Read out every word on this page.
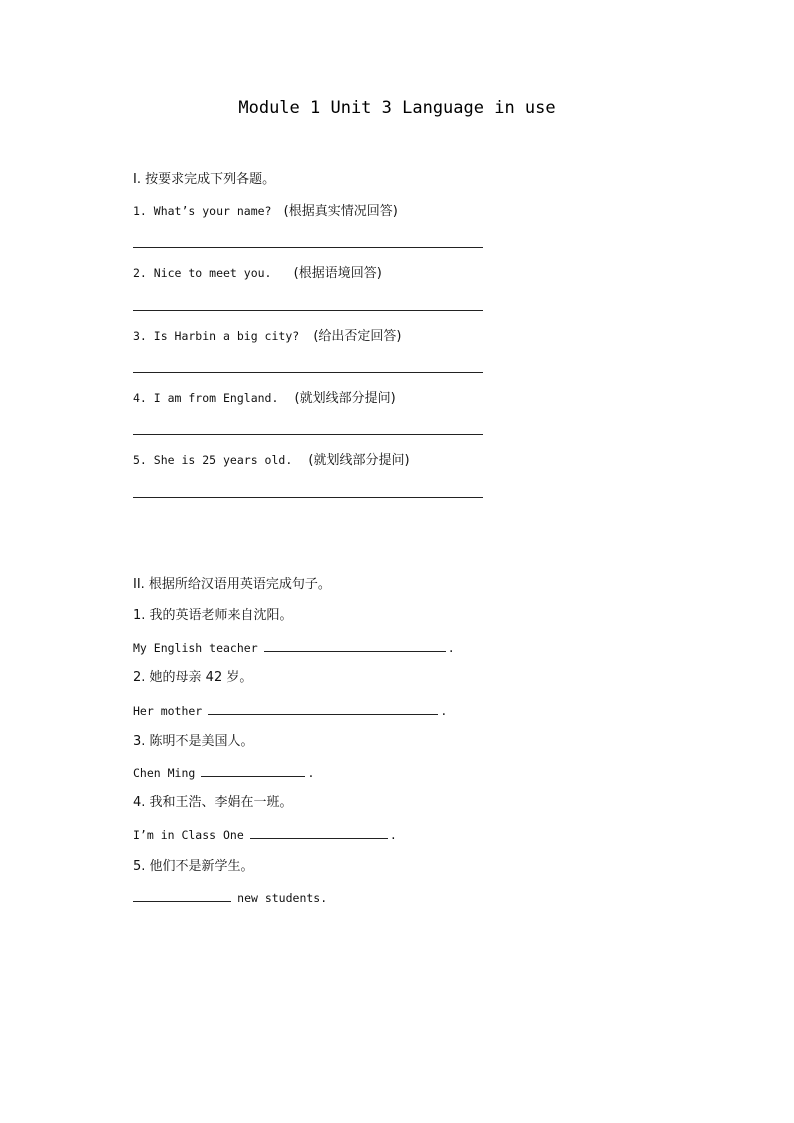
Module 1 Unit 3 Language in use
I. 按要求完成下列各题。
1. What’s your name? (根据真实情况回答)
2. Nice to meet you. (根据语境回答)
3. Is Harbin a big city? (给出否定回答)
4. I am from England. (就划线部分提问)
5. She is 25 years old. (就划线部分提问)
II. 根据所给汉语用英语完成句子。
1. 我的英语老师来自沈阳。
My English teacher	.
2. 她的母亲 42 岁。
Her mother	.
3. 陈明不是美国人。
Chen Ming	.
4. 我和王浩、李娟在一班。
I’m in Class One	.
5. 他们不是新学生。
new students.
